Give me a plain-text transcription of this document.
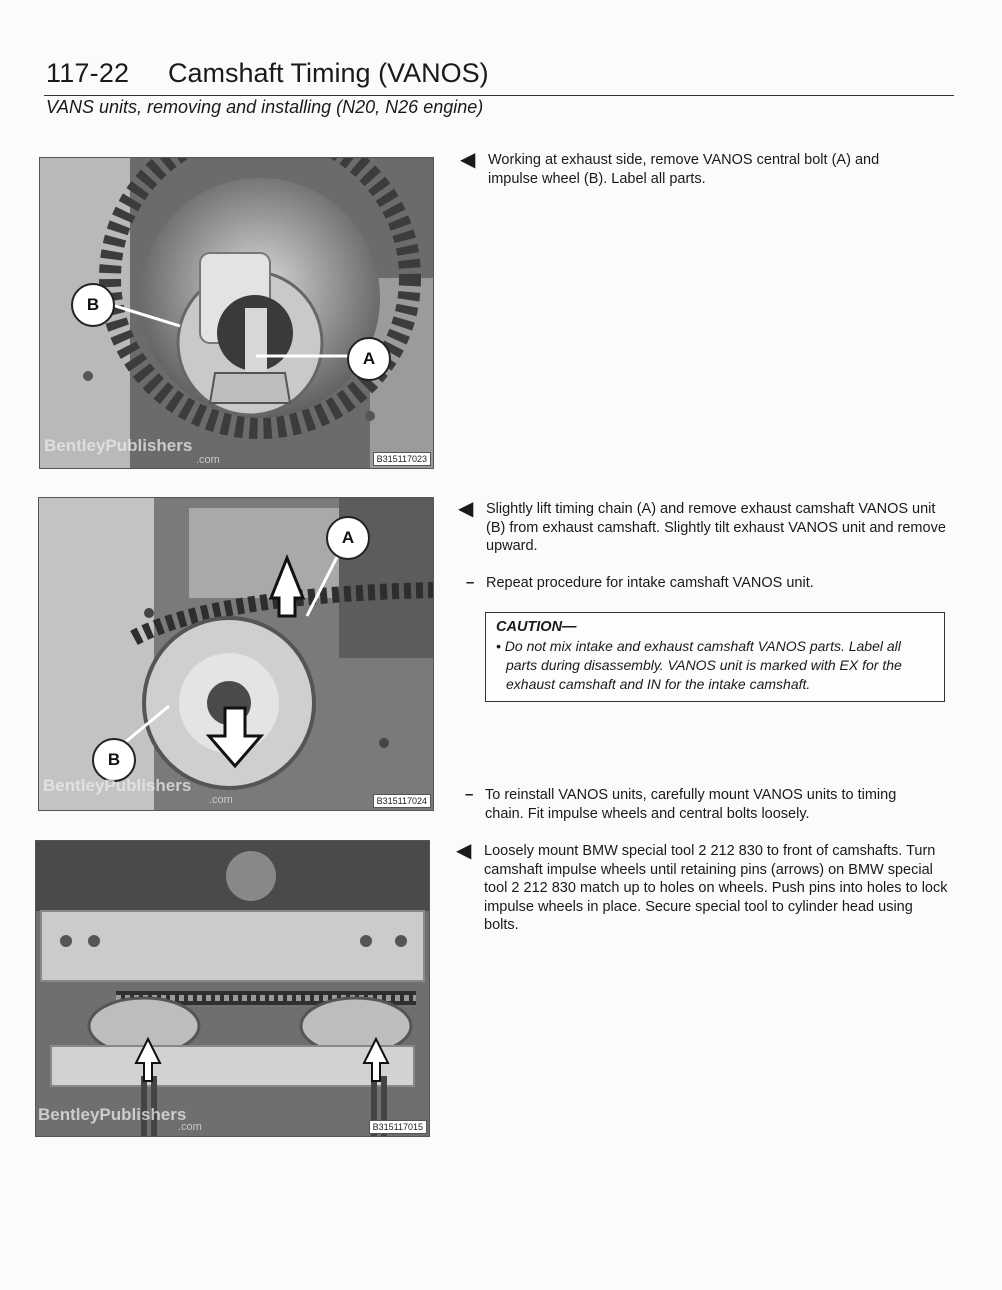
117-22 Camshaft Timing (VANOS)
VANS units, removing and installing (N20, N26 engine)
B
A
BentleyPublishers
.com	B315117023
A
B
BentleyPublishers
.com	B315117024
BentleyPublishers
.com	B315117015
◀ Working at exhaust side, remove VANOS central bolt (A) and impulse wheel (B). Label all parts.
◀ Slightly lift timing chain (A) and remove exhaust camshaft VANOS unit (B) from exhaust camshaft. Slightly tilt exhaust VANOS unit and remove upward.
– Repeat procedure for intake camshaft VANOS unit.
CAUTION—
• Do not mix intake and exhaust camshaft VANOS parts. Label all parts during disassembly. VANOS unit is marked with EX for the exhaust camshaft and IN for the intake camshaft.
– To reinstall VANOS units, carefully mount VANOS units to timing chain. Fit impulse wheels and central bolts loosely.
◀ Loosely mount BMW special tool 2 212 830 to front of camshafts. Turn camshaft impulse wheels until retaining pins (arrows) on BMW special tool 2 212 830 match up to holes on wheels. Push pins into holes to lock impulse wheels in place. Secure special tool to cylinder head using bolts.
